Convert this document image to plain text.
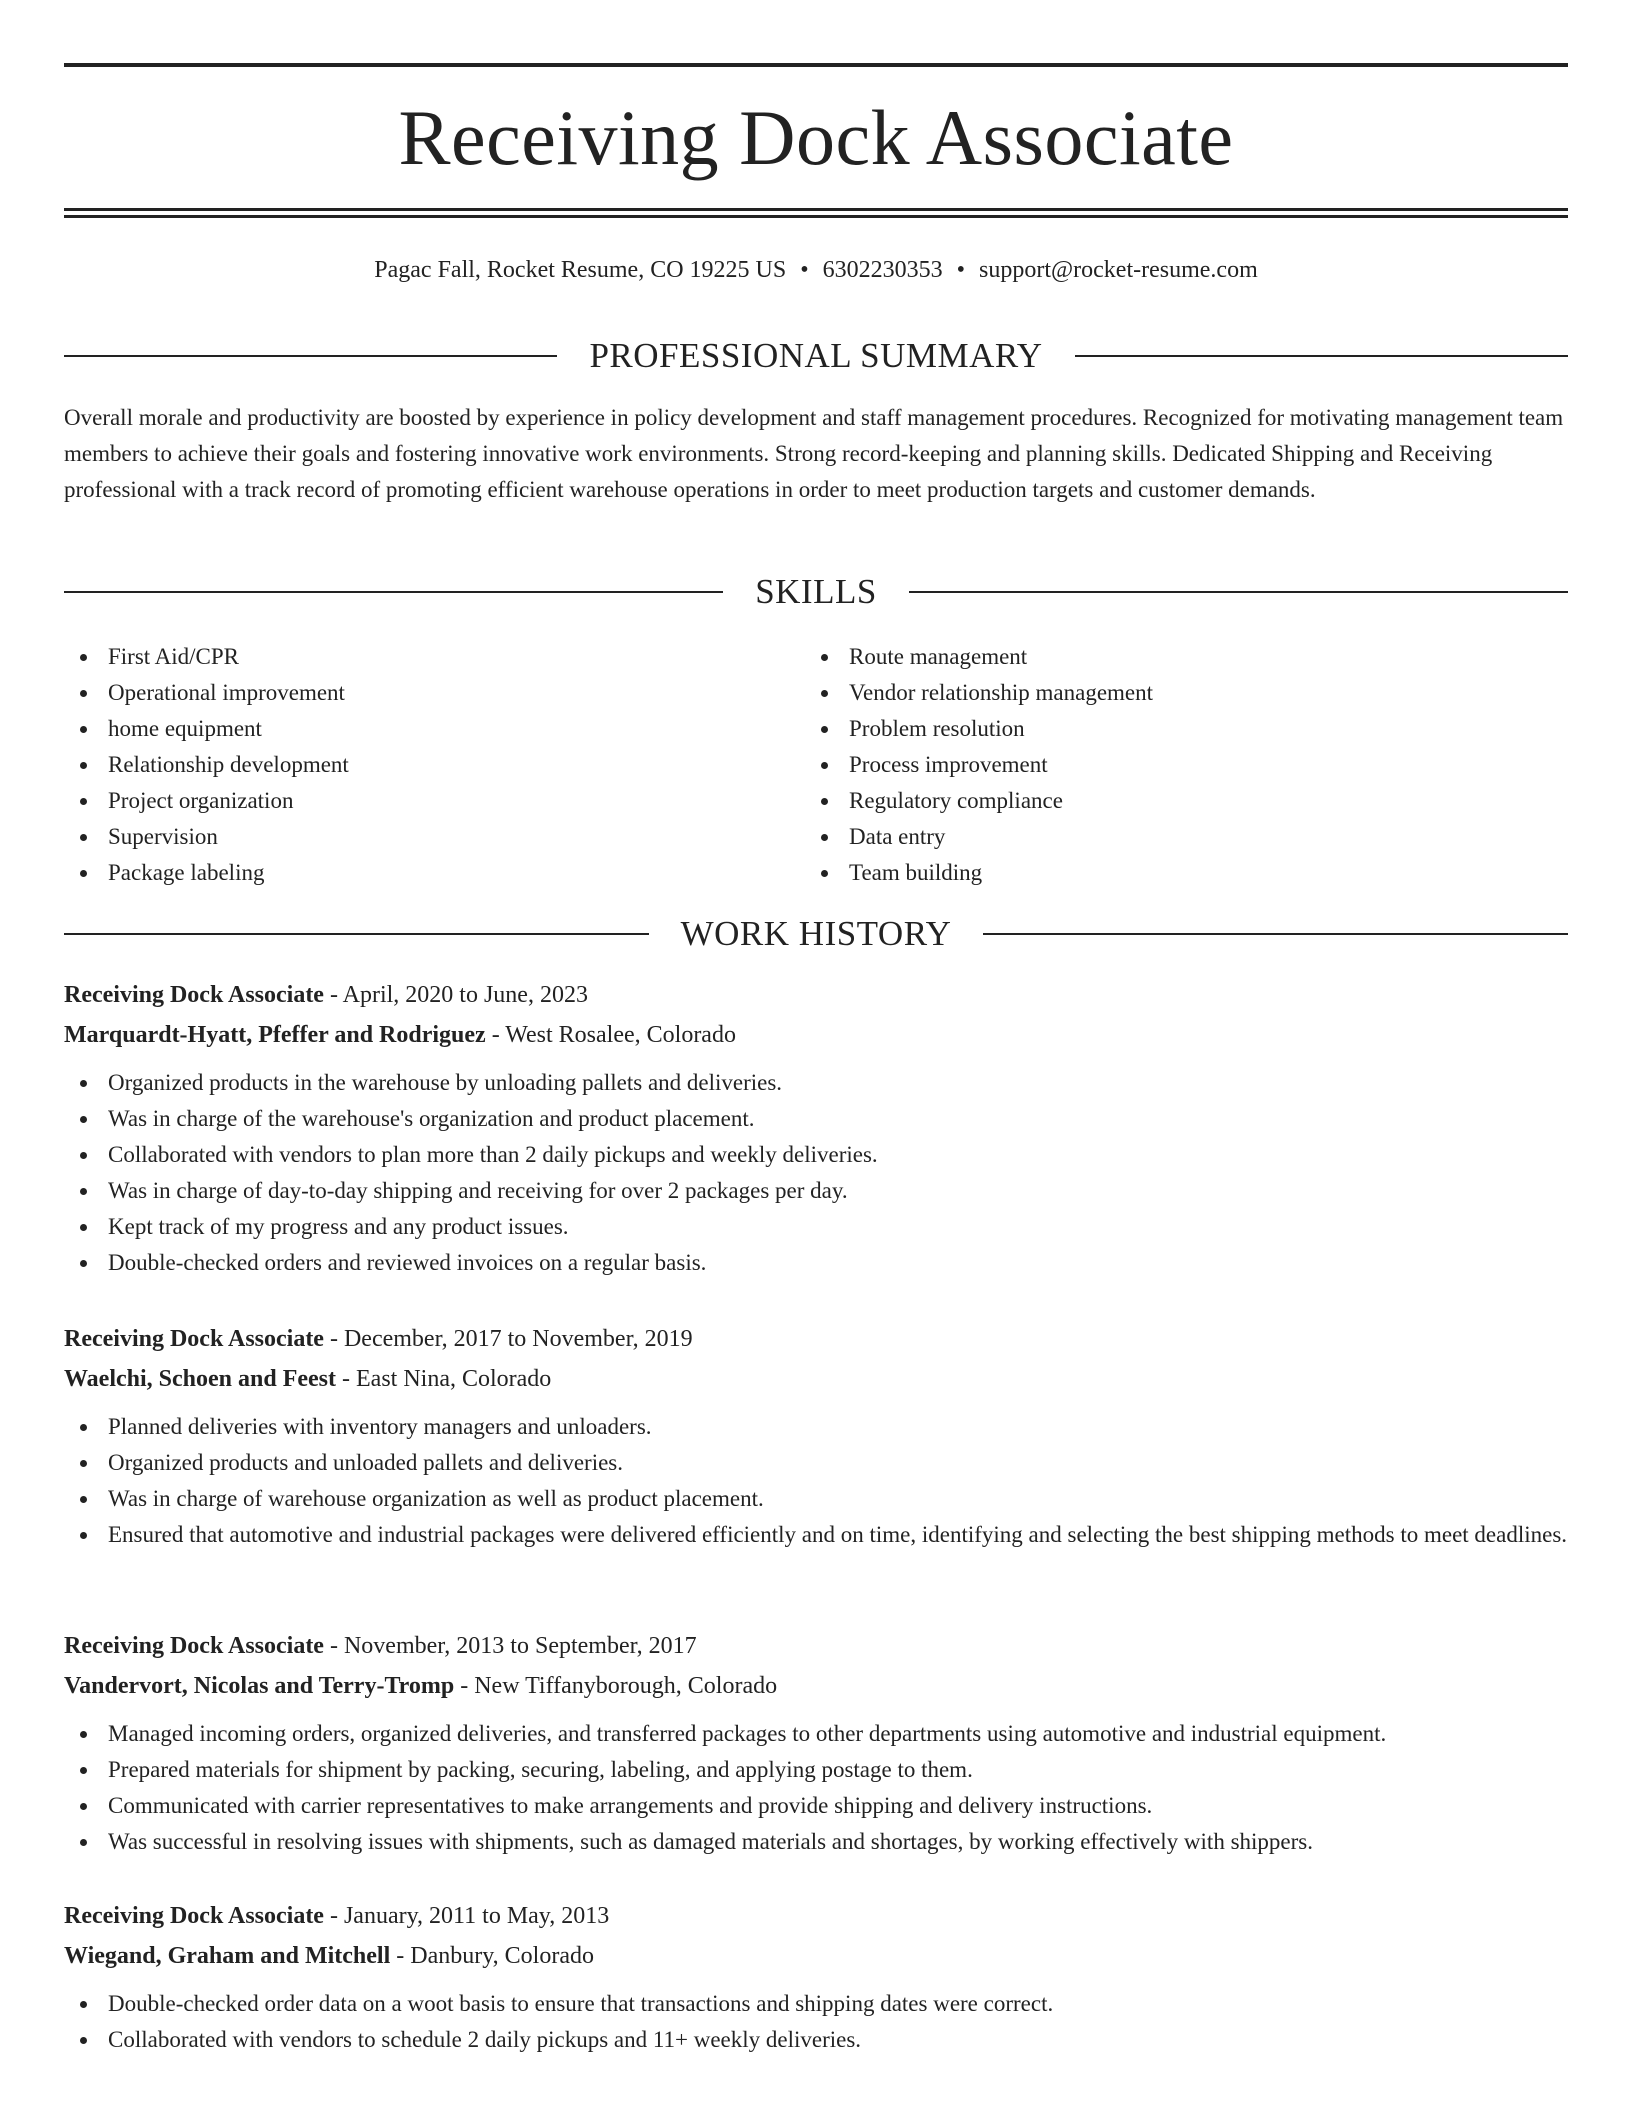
Receiving Dock Associate
Pagac Fall, Rocket Resume, CO 19225 US • 6302230353 • support@rocket-resume.com
PROFESSIONAL SUMMARY
Overall morale and productivity are boosted by experience in policy development and staff management procedures. Recognized for motivating management team members to achieve their goals and fostering innovative work environments. Strong record-keeping and planning skills. Dedicated Shipping and Receiving professional with a track record of promoting efficient warehouse operations in order to meet production targets and customer demands.
SKILLS
First Aid/CPR
Operational improvement
home equipment
Relationship development
Project organization
Supervision
Package labeling
Route management
Vendor relationship management
Problem resolution
Process improvement
Regulatory compliance
Data entry
Team building
WORK HISTORY
Receiving Dock Associate - April, 2020 to June, 2023
Marquardt-Hyatt, Pfeffer and Rodriguez - West Rosalee, Colorado
Organized products in the warehouse by unloading pallets and deliveries.
Was in charge of the warehouse's organization and product placement.
Collaborated with vendors to plan more than 2 daily pickups and weekly deliveries.
Was in charge of day-to-day shipping and receiving for over 2 packages per day.
Kept track of my progress and any product issues.
Double-checked orders and reviewed invoices on a regular basis.
Receiving Dock Associate - December, 2017 to November, 2019
Waelchi, Schoen and Feest - East Nina, Colorado
Planned deliveries with inventory managers and unloaders.
Organized products and unloaded pallets and deliveries.
Was in charge of warehouse organization as well as product placement.
Ensured that automotive and industrial packages were delivered efficiently and on time, identifying and selecting the best shipping methods to meet deadlines.
Receiving Dock Associate - November, 2013 to September, 2017
Vandervort, Nicolas and Terry-Tromp - New Tiffanyborough, Colorado
Managed incoming orders, organized deliveries, and transferred packages to other departments using automotive and industrial equipment.
Prepared materials for shipment by packing, securing, labeling, and applying postage to them.
Communicated with carrier representatives to make arrangements and provide shipping and delivery instructions.
Was successful in resolving issues with shipments, such as damaged materials and shortages, by working effectively with shippers.
Receiving Dock Associate - January, 2011 to May, 2013
Wiegand, Graham and Mitchell - Danbury, Colorado
Double-checked order data on a woot basis to ensure that transactions and shipping dates were correct.
Collaborated with vendors to schedule 2 daily pickups and 11+ weekly deliveries.
